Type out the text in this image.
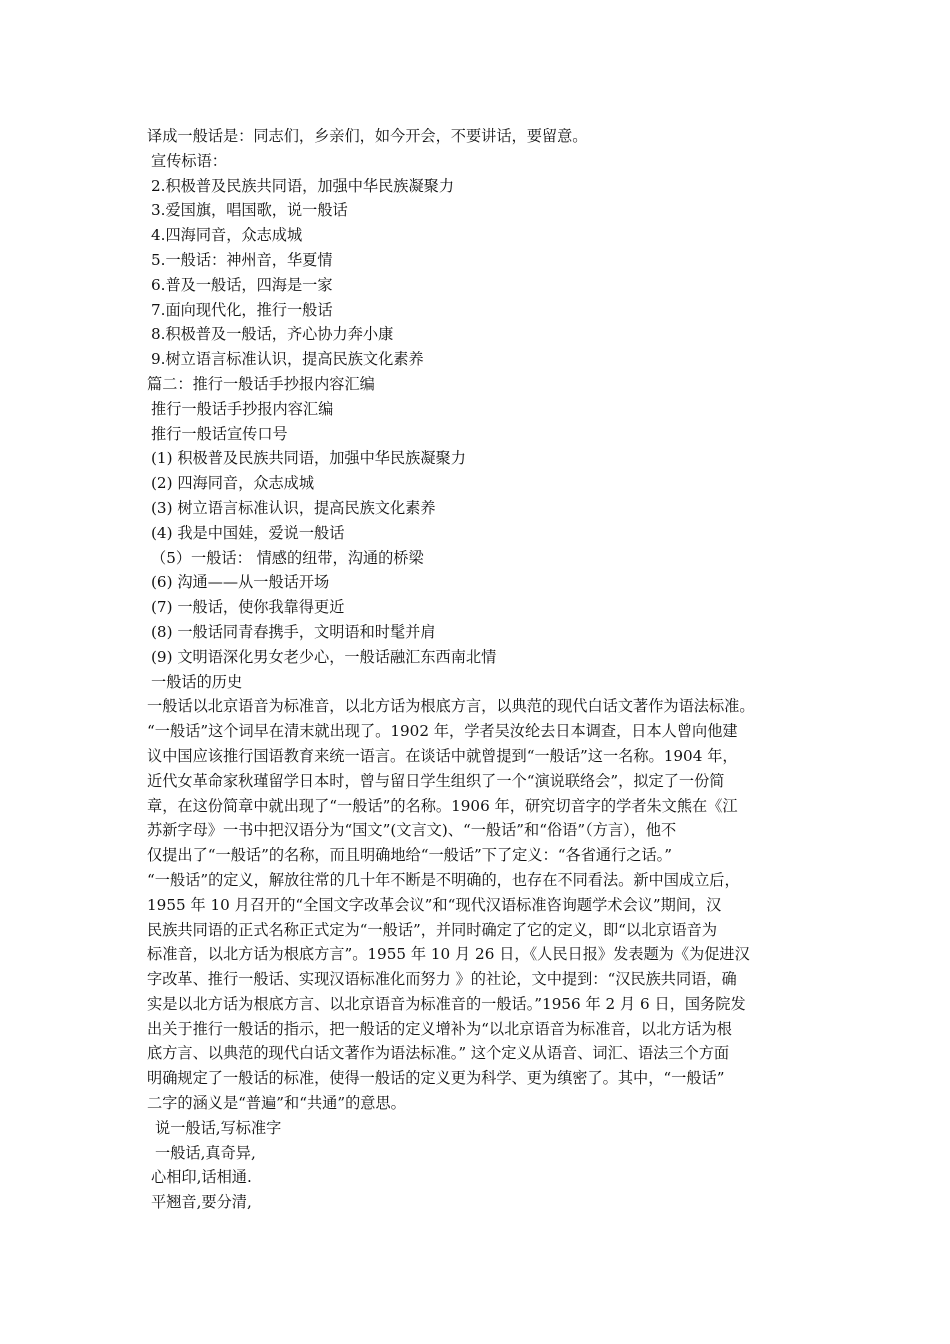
译成一般话是：同志们，乡亲们，如今开会，不要讲话，要留意。
宣传标语：
2.积极普及民族共同语，加强中华民族凝聚力
3.爱国旗，唱国歌，说一般话
4.四海同音，众志成城
5.一般话：神州音，华夏情
6.普及一般话，四海是一家
7.面向现代化，推行一般话
8.积极普及一般话，齐心协力奔小康
9.树立语言标准认识，提高民族文化素养
篇二：推行一般话手抄报内容汇编
推行一般话手抄报内容汇编
推行一般话宣传口号
(1) 积极普及民族共同语，加强中华民族凝聚力
(2) 四海同音，众志成城
(3) 树立语言标准认识，提高民族文化素养
(4) 我是中国娃，爱说一般话
（5）一般话： 情感的纽带，沟通的桥梁
(6) 沟通——从一般话开场
(7) 一般话，使你我靠得更近
(8) 一般话同青春携手，文明语和时髦并肩
(9) 文明语深化男女老少心，一般话融汇东西南北情
一般话的历史
一般话以北京语音为标准音，以北方话为根底方言，以典范的现代白话文著作为语法标准。
“一般话”这个词早在清末就出现了。1902 年，学者吴汝纶去日本调查，日本人曾向他建
议中国应该推行国语教育来统一语言。在谈话中就曾提到“一般话”这一名称。1904 年，
近代女革命家秋瑾留学日本时，曾与留日学生组织了一个“演说联络会”，拟定了一份简
章，在这份简章中就出现了“一般话”的名称。1906 年，研究切音字的学者朱文熊在《江
苏新字母》一书中把汉语分为“国文”(文言文)、“一般话”和“俗语”（方言），他不
仅提出了“一般话”的名称，而且明确地给“一般话”下了定义：“各省通行之话。”
“一般话”的定义，解放往常的几十年不断是不明确的，也存在不同看法。新中国成立后，
1955 年 10 月召开的“全国文字改革会议”和“现代汉语标准咨询题学术会议”期间，汉
民族共同语的正式名称正式定为“一般话”，并同时确定了它的定义，即“以北京语音为
标准音，以北方话为根底方言”。1955 年 10 月 26 日，《人民日报》发表题为《为促进汉
字改革、推行一般话、实现汉语标准化而努力 》的社论，文中提到：“汉民族共同语，确
实是以北方话为根底方言、以北京语音为标准音的一般话。”1956 年 2 月 6 日，国务院发
出关于推行一般话的指示，把一般话的定义增补为“以北京语音为标准音，以北方话为根
底方言、以典范的现代白话文著作为语法标准。” 这个定义从语音、词汇、语法三个方面
明确规定了一般话的标准，使得一般话的定义更为科学、更为缜密了。其中，“一般话”
二字的涵义是“普遍”和“共通”的意思。
说一般话,写标准字
一般话,真奇异,
心相印,话相通.
平翘音,要分清,
